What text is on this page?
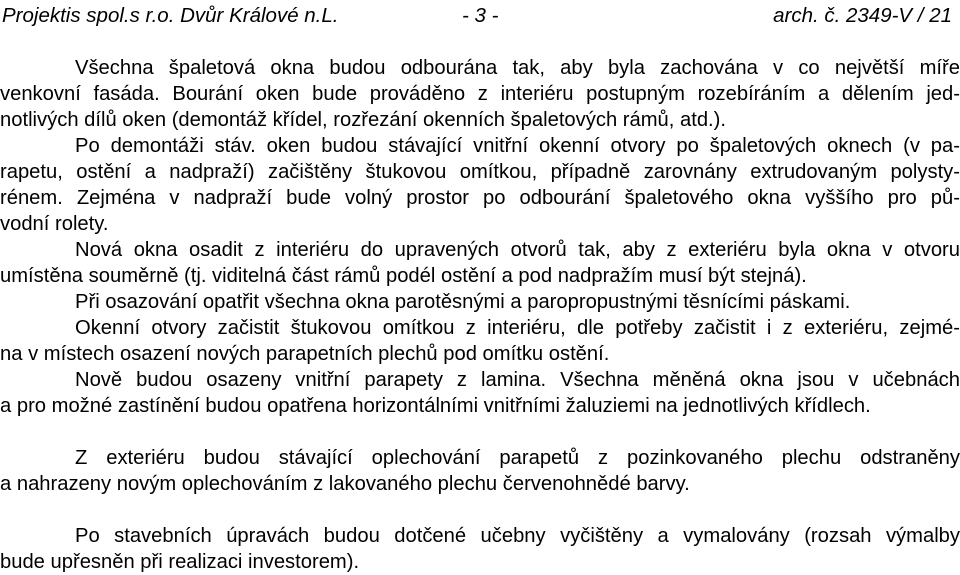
Projektis spol.s r.o. Dvůr Králové n.L.	- 3 -	arch. č. 2349-V / 21
Všechna špaletová okna budou odbourána tak, aby byla zachována v co největší míře
venkovní fasáda. Bourání oken bude prováděno z interiéru postupným rozebíráním a dělením jed-
notlivých dílů oken (demontáž křídel, rozřezání okenních špaletových rámů, atd.).
Po demontáži stáv. oken budou stávající vnitřní okenní otvory po špaletových oknech (v pa-
rapetu, ostění a nadpraží) začištěny štukovou omítkou, případně zarovnány extrudovaným polysty-
rénem. Zejména v nadpraží bude volný prostor po odbourání špaletového okna vyššího pro pů-
vodní rolety.
Nová okna osadit z interiéru do upravených otvorů tak, aby z exteriéru byla okna v otvoru
umístěna souměrně (tj. viditelná část rámů podél ostění a pod nadpražím musí být stejná).
Při osazování opatřit všechna okna parotěsnými a paropropustnými těsnícími páskami.
Okenní otvory začistit štukovou omítkou z interiéru, dle potřeby začistit i z exteriéru, zejmé-
na v místech osazení nových parapetních plechů pod omítku ostění.
Nově budou osazeny vnitřní parapety z lamina. Všechna měněná okna jsou v učebnách
a pro možné zastínění budou opatřena horizontálními vnitřními žaluziemi na jednotlivých křídlech.
Z exteriéru budou stávající oplechování parapetů z pozinkovaného plechu odstraněny
a nahrazeny novým oplechováním z lakovaného plechu červenohnědé barvy.
Po stavebních úpravách budou dotčené učebny vyčištěny a vymalovány (rozsah výmalby
bude upřesněn při realizaci investorem).
